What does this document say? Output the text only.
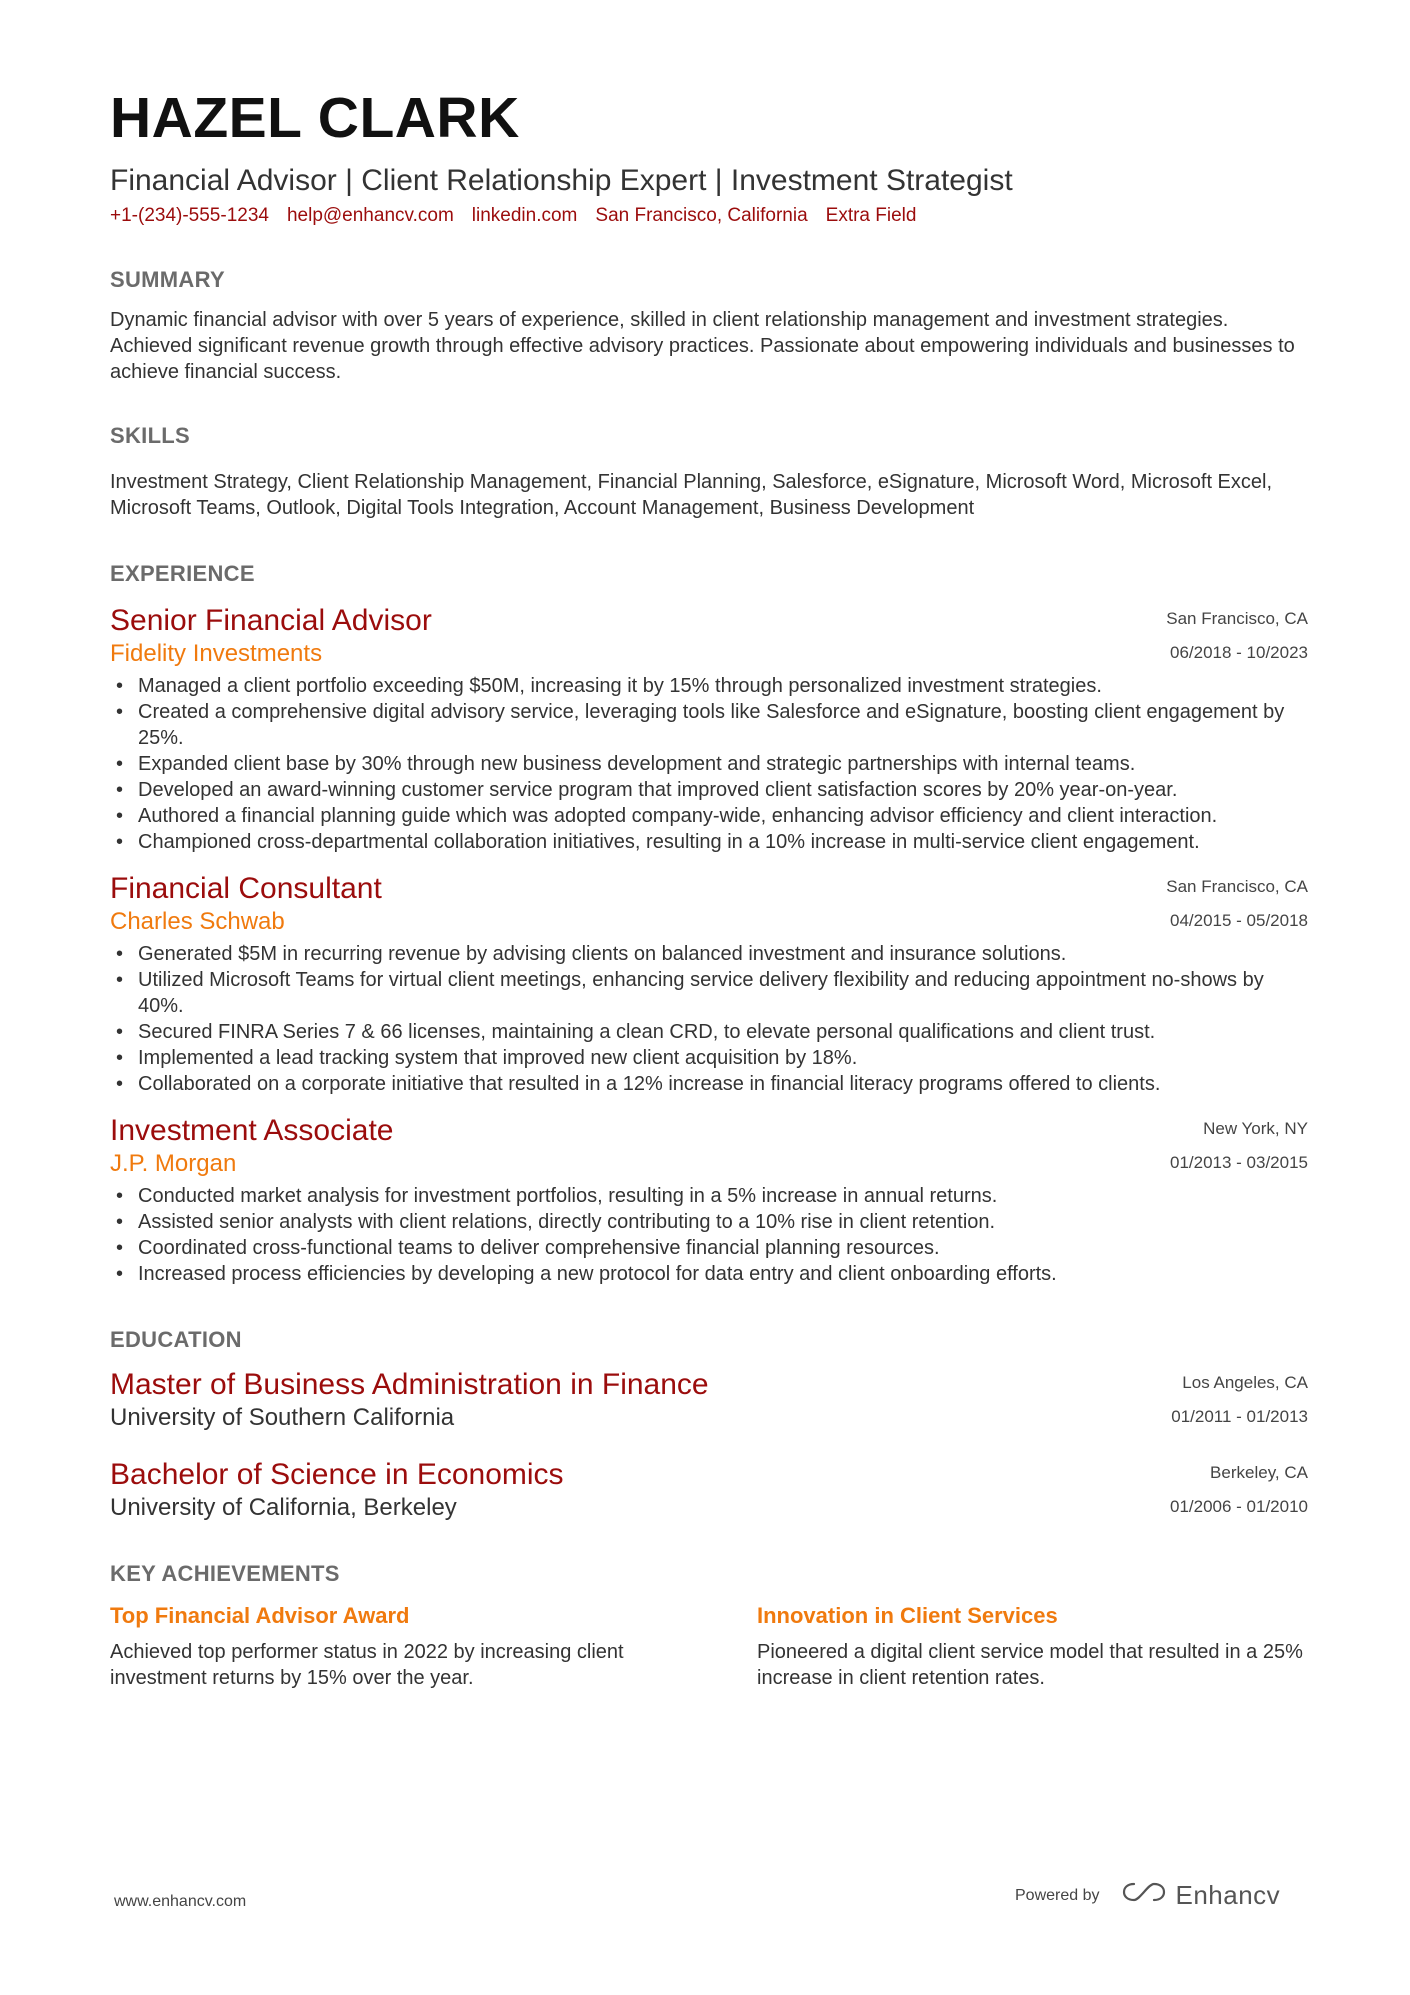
HAZEL CLARK
Financial Advisor | Client Relationship Expert | Investment Strategist
+1-(234)-555-1234 help@enhancv.com linkedin.com San Francisco, California Extra Field
SUMMARY
Dynamic financial advisor with over 5 years of experience, skilled in client relationship management and investment strategies. Achieved significant revenue growth through effective advisory practices. Passionate about empowering individuals and businesses to achieve financial success.
SKILLS
Investment Strategy, Client Relationship Management, Financial Planning, Salesforce, eSignature, Microsoft Word, Microsoft Excel, Microsoft Teams, Outlook, Digital Tools Integration, Account Management, Business Development
EXPERIENCE
Senior Financial Advisor
Fidelity Investments
San Francisco, CA
06/2018 - 10/2023
• Managed a client portfolio exceeding $50M, increasing it by 15% through personalized investment strategies.
• Created a comprehensive digital advisory service, leveraging tools like Salesforce and eSignature, boosting client engagement by 25%.
• Expanded client base by 30% through new business development and strategic partnerships with internal teams.
• Developed an award-winning customer service program that improved client satisfaction scores by 20% year-on-year.
• Authored a financial planning guide which was adopted company-wide, enhancing advisor efficiency and client interaction.
• Championed cross-departmental collaboration initiatives, resulting in a 10% increase in multi-service client engagement.
Financial Consultant
Charles Schwab
San Francisco, CA
04/2015 - 05/2018
• Generated $5M in recurring revenue by advising clients on balanced investment and insurance solutions.
• Utilized Microsoft Teams for virtual client meetings, enhancing service delivery flexibility and reducing appointment no-shows by 40%.
• Secured FINRA Series 7 & 66 licenses, maintaining a clean CRD, to elevate personal qualifications and client trust.
• Implemented a lead tracking system that improved new client acquisition by 18%.
• Collaborated on a corporate initiative that resulted in a 12% increase in financial literacy programs offered to clients.
Investment Associate
J.P. Morgan
New York, NY
01/2013 - 03/2015
• Conducted market analysis for investment portfolios, resulting in a 5% increase in annual returns.
• Assisted senior analysts with client relations, directly contributing to a 10% rise in client retention.
• Coordinated cross-functional teams to deliver comprehensive financial planning resources.
• Increased process efficiencies by developing a new protocol for data entry and client onboarding efforts.
EDUCATION
Master of Business Administration in Finance
University of Southern California
Los Angeles, CA
01/2011 - 01/2013
Bachelor of Science in Economics
University of California, Berkeley
Berkeley, CA
01/2006 - 01/2010
KEY ACHIEVEMENTS
Top Financial Advisor Award
Achieved top performer status in 2022 by increasing client investment returns by 15% over the year.
Innovation in Client Services
Pioneered a digital client service model that resulted in a 25% increase in client retention rates.
www.enhancv.com	Powered by	Enhancv
